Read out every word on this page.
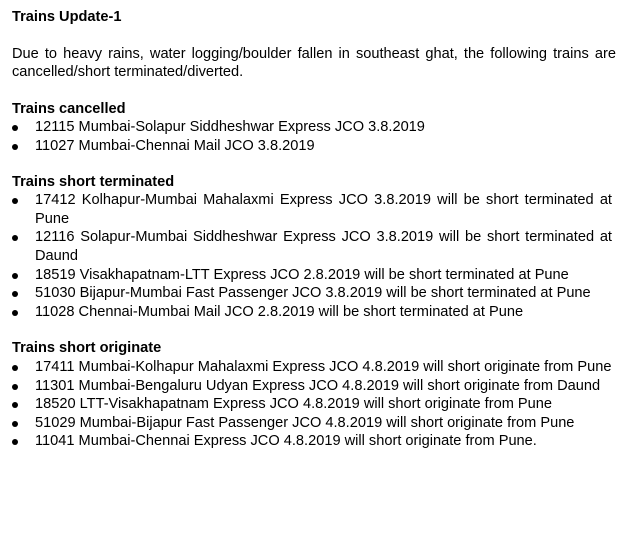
Trains Update-1
Due to heavy rains, water logging/boulder fallen in southeast ghat, the following trains are cancelled/short terminated/diverted.
Trains cancelled
12115 Mumbai-Solapur Siddheshwar Express JCO 3.8.2019
11027 Mumbai-Chennai Mail JCO 3.8.2019
Trains short terminated
17412 Kolhapur-Mumbai Mahalaxmi Express JCO 3.8.2019 will be short terminated at Pune
12116 Solapur-Mumbai Siddheshwar Express JCO 3.8.2019 will be short terminated at Daund
18519 Visakhapatnam-LTT Express JCO 2.8.2019 will be short terminated at Pune
51030 Bijapur-Mumbai Fast Passenger JCO 3.8.2019 will be short terminated at Pune
11028 Chennai-Mumbai Mail JCO 2.8.2019 will be short terminated at Pune
Trains short originate
17411 Mumbai-Kolhapur Mahalaxmi Express JCO 4.8.2019 will short originate from Pune
11301 Mumbai-Bengaluru Udyan Express JCO 4.8.2019 will short originate from Daund
18520 LTT-Visakhapatnam Express JCO 4.8.2019 will short originate from Pune
51029 Mumbai-Bijapur Fast Passenger JCO 4.8.2019 will short originate from Pune
11041 Mumbai-Chennai Express JCO 4.8.2019 will short originate from Pune.
